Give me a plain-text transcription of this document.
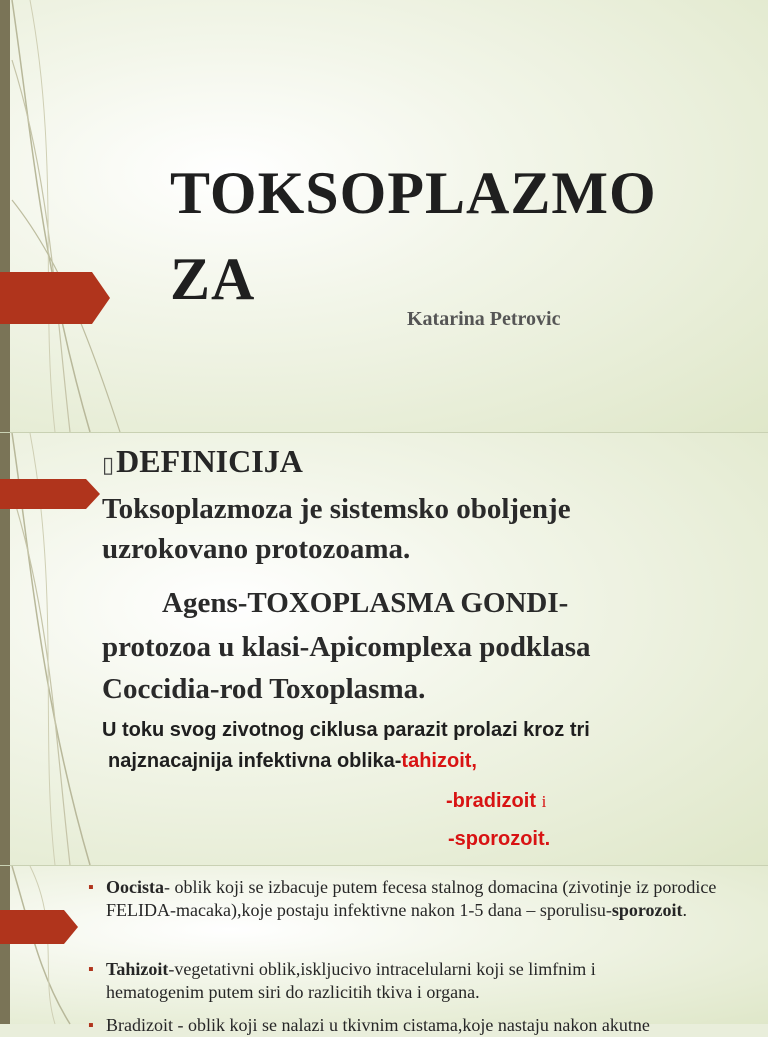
TOKSOPLAZMO
ZA
Katarina Petrovic
▯DEFINICIJA
Toksoplazmoza je sistemsko oboljenje
uzrokovano protozoama.
Agens-TOXOPLASMA GONDI-
protozoa u klasi-Apicomplexa podklasa
Coccidia-rod Toxoplasma.
U toku svog zivotnog ciklusa parazit prolazi kroz tri
najznacajnija infektivna oblika-tahizoit,
-bradizoit i
-sporozoit.
▪ Oocista- oblik koji se izbacuje putem fecesa stalnog domacina (zivotinje iz porodice FELIDA-macaka),koje postaju infektivne nakon 1-5 dana – sporulisu-sporozoit.
▪ Tahizoit-vegetativni oblik,iskljucivo intracelularni koji se limfnim i hematogenim putem siri do razlicitih tkiva i organa.
▪ Bradizoit - oblik koji se nalazi u tkivnim cistama,koje nastaju nakon akutne
